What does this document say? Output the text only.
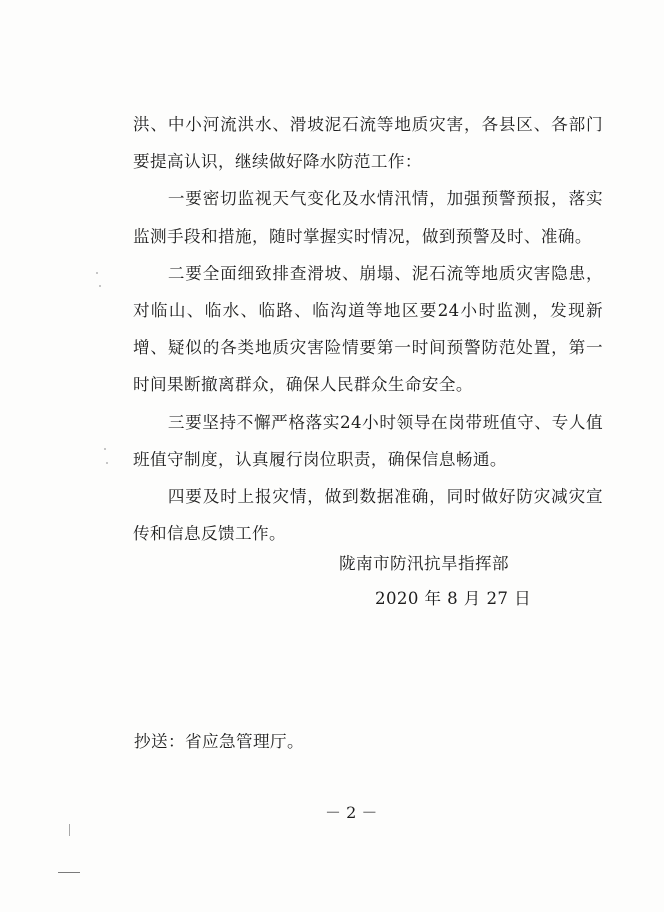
洪、中小河流洪水、滑坡泥石流等地质灾害，各县区、各部门要提高认识，继续做好降水防范工作：

一要密切监视天气变化及水情汛情，加强预警预报，落实监测手段和措施，随时掌握实时情况，做到预警及时、准确。

二要全面细致排查滑坡、崩塌、泥石流等地质灾害隐患，对临山、临水、临路、临沟道等地区要24小时监测，发现新增、疑似的各类地质灾害险情要第一时间预警防范处置，第一时间果断撤离群众，确保人民群众生命安全。

三要坚持不懈严格落实24小时领导在岗带班值守、专人值班值守制度，认真履行岗位职责，确保信息畅通。

四要及时上报灾情，做到数据准确，同时做好防灾减灾宣传和信息反馈工作。

陇南市防汛抗旱指挥部
2020 年 8 月 27 日
抄送：省应急管理厅。
－ 2 －
